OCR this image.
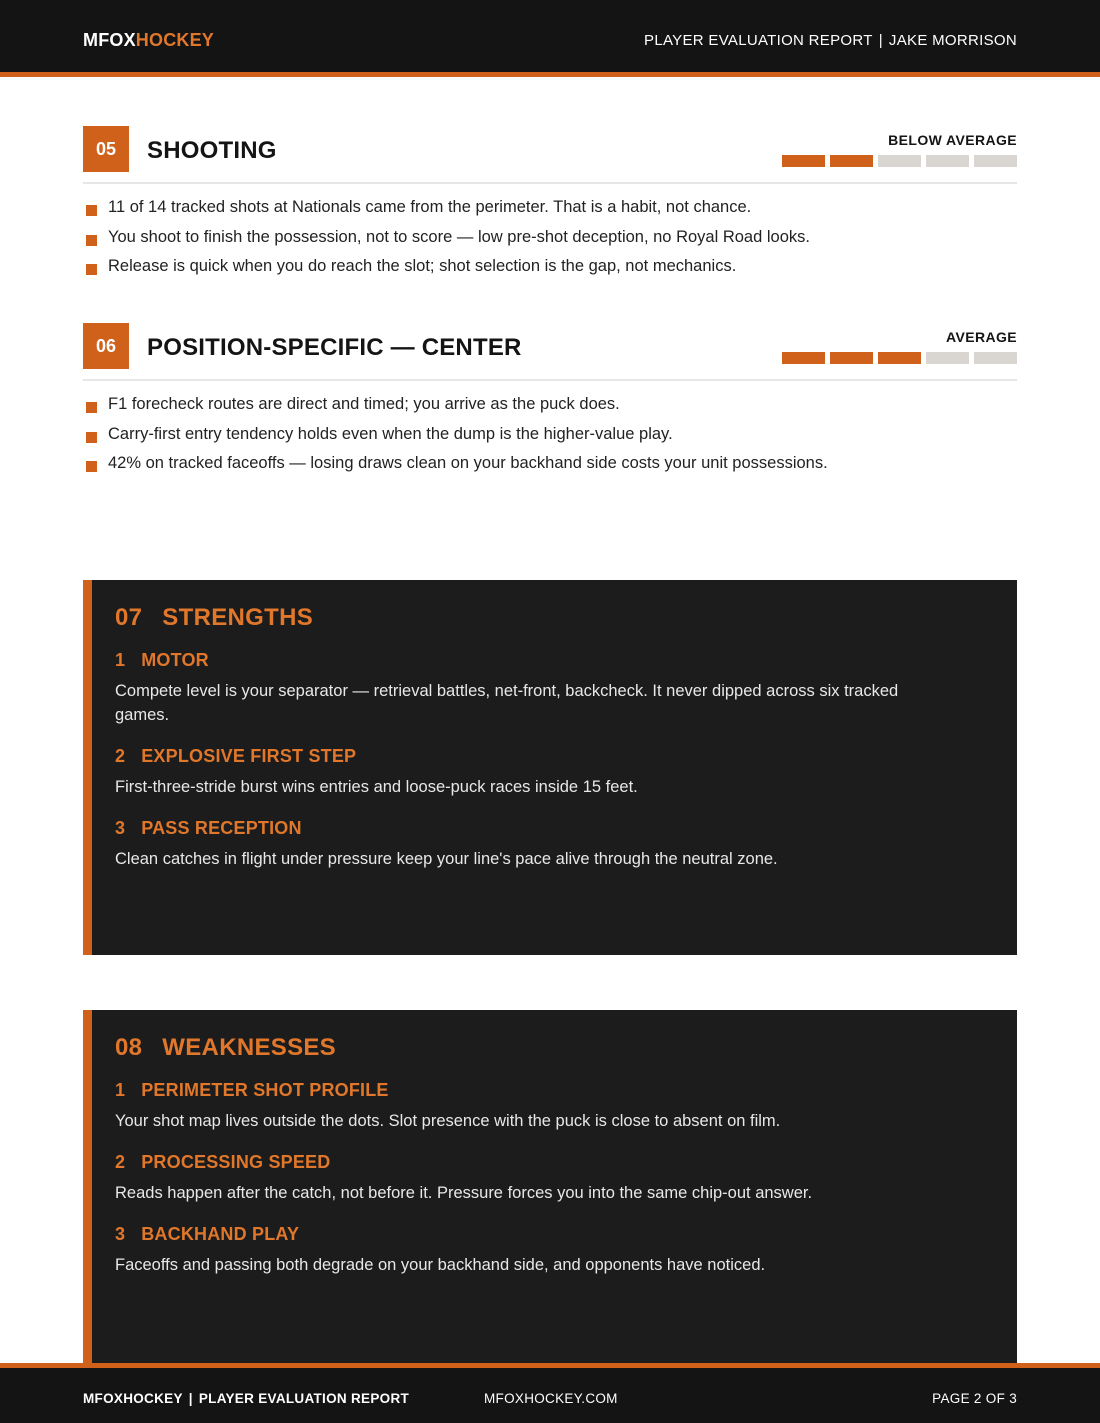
MFOXHOCKEY	PLAYER EVALUATION REPORT | JAKE MORRISON
05	SHOOTING	BELOW AVERAGE
11 of 14 tracked shots at Nationals came from the perimeter. That is a habit, not chance.
You shoot to finish the possession, not to score — low pre-shot deception, no Royal Road looks.
Release is quick when you do reach the slot; shot selection is the gap, not mechanics.
06	POSITION-SPECIFIC — CENTER	AVERAGE
F1 forecheck routes are direct and timed; you arrive as the puck does.
Carry-first entry tendency holds even when the dump is the higher-value play.
42% on tracked faceoffs — losing draws clean on your backhand side costs your unit possessions.
07 STRENGTHS
1 MOTOR
Compete level is your separator — retrieval battles, net-front, backcheck. It never dipped across six tracked games.
2 EXPLOSIVE FIRST STEP
First-three-stride burst wins entries and loose-puck races inside 15 feet.
3 PASS RECEPTION
Clean catches in flight under pressure keep your line's pace alive through the neutral zone.
08 WEAKNESSES
1 PERIMETER SHOT PROFILE
Your shot map lives outside the dots. Slot presence with the puck is close to absent on film.
2 PROCESSING SPEED
Reads happen after the catch, not before it. Pressure forces you into the same chip-out answer.
3 BACKHAND PLAY
Faceoffs and passing both degrade on your backhand side, and opponents have noticed.
MFOXHOCKEY | PLAYER EVALUATION REPORT	MFOXHOCKEY.COM	PAGE 2 OF 3
